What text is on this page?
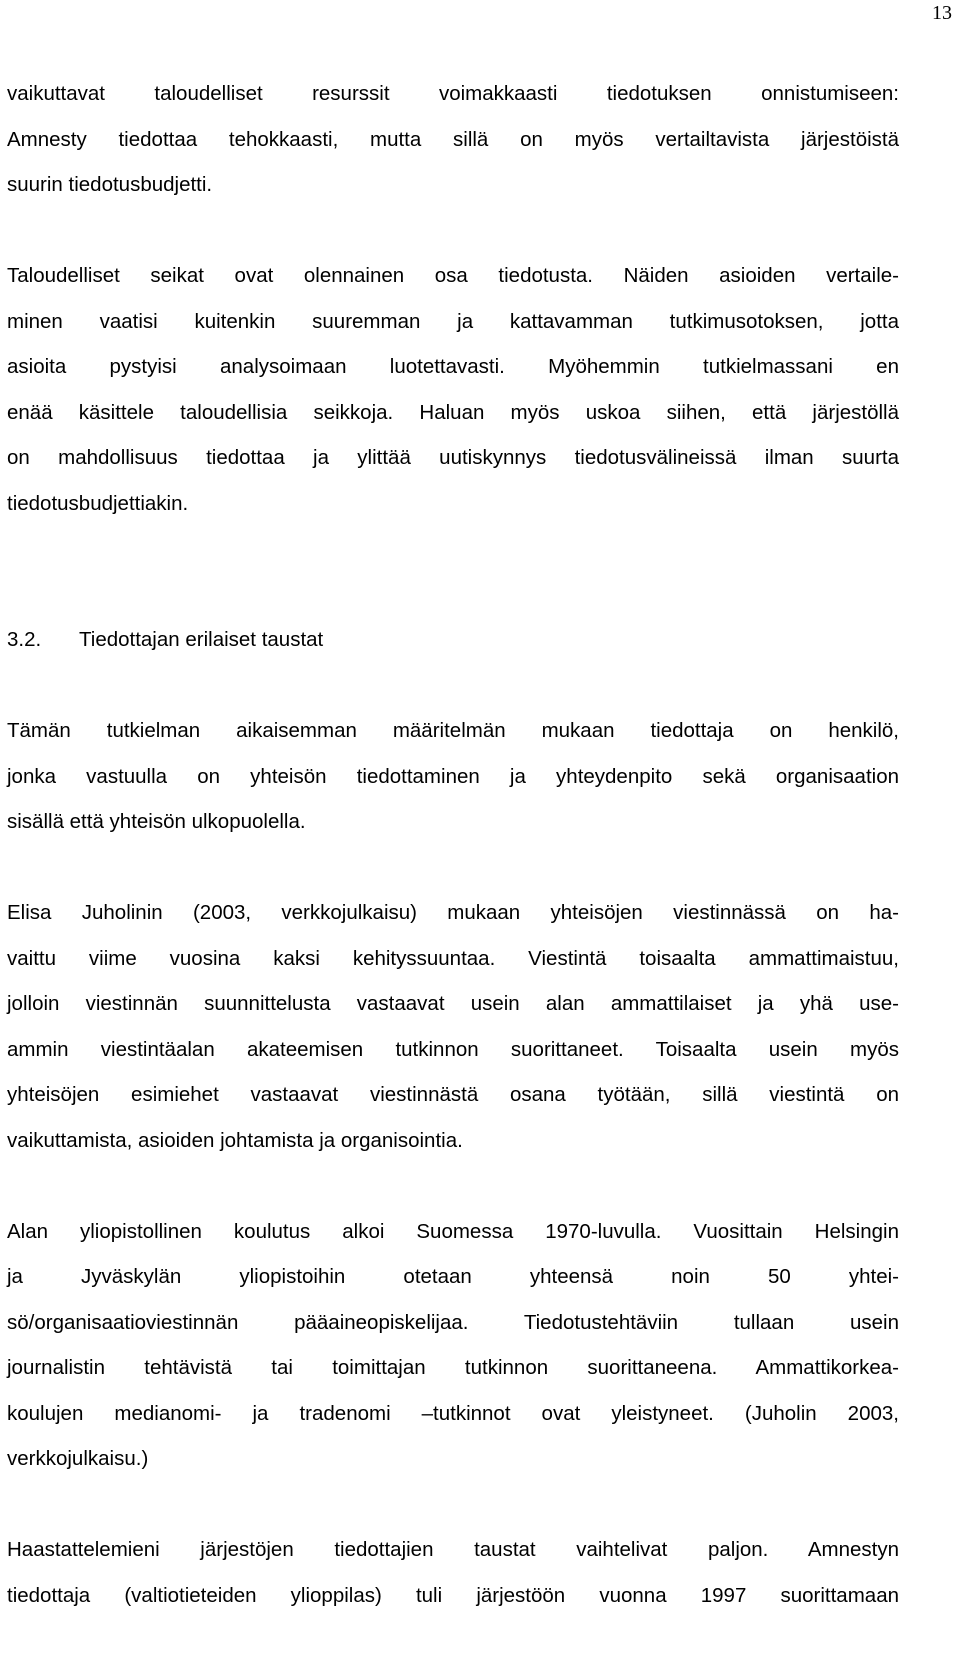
13
vaikuttavat taloudelliset resurssit voimakkaasti tiedotuksen onnistumiseen:
Amnesty tiedottaa tehokkaasti, mutta sillä on myös vertailtavista järjestöistä
suurin tiedotusbudjetti.
Taloudelliset seikat ovat olennainen osa tiedotusta. Näiden asioiden vertaile-
minen vaatisi kuitenkin suuremman ja kattavamman tutkimusotoksen, jotta
asioita pystyisi analysoimaan luotettavasti. Myöhemmin tutkielmassani en
enää käsittele taloudellisia seikkoja. Haluan myös uskoa siihen, että järjestöllä
on mahdollisuus tiedottaa ja ylittää uutiskynnys tiedotusvälineissä ilman suurta
tiedotusbudjettiakin.
3.2. Tiedottajan erilaiset taustat
Tämän tutkielman aikaisemman määritelmän mukaan tiedottaja on henkilö,
jonka vastuulla on yhteisön tiedottaminen ja yhteydenpito sekä organisaation
sisällä että yhteisön ulkopuolella.
Elisa Juholinin (2003, verkkojulkaisu) mukaan yhteisöjen viestinnässä on ha-
vaittu viime vuosina kaksi kehityssuuntaa. Viestintä toisaalta ammattimaistuu,
jolloin viestinnän suunnittelusta vastaavat usein alan ammattilaiset ja yhä use-
ammin viestintäalan akateemisen tutkinnon suorittaneet. Toisaalta usein myös
yhteisöjen esimiehet vastaavat viestinnästä osana työtään, sillä viestintä on
vaikuttamista, asioiden johtamista ja organisointia.
Alan yliopistollinen koulutus alkoi Suomessa 1970-luvulla. Vuosittain Helsingin
ja Jyväskylän yliopistoihin otetaan yhteensä noin 50 yhtei-
sö/organisaatioviestinnän pääaineopiskelijaa. Tiedotustehtäviin tullaan usein
journalistin tehtävistä tai toimittajan tutkinnon suorittaneena. Ammattikorkea-
koulujen medianomi- ja tradenomi –tutkinnot ovat yleistyneet. (Juholin 2003,
verkkojulkaisu.)
Haastattelemieni järjestöjen tiedottajien taustat vaihtelivat paljon. Amnestyn
tiedottaja (valtiotieteiden ylioppilas) tuli järjestöön vuonna 1997 suorittamaan
